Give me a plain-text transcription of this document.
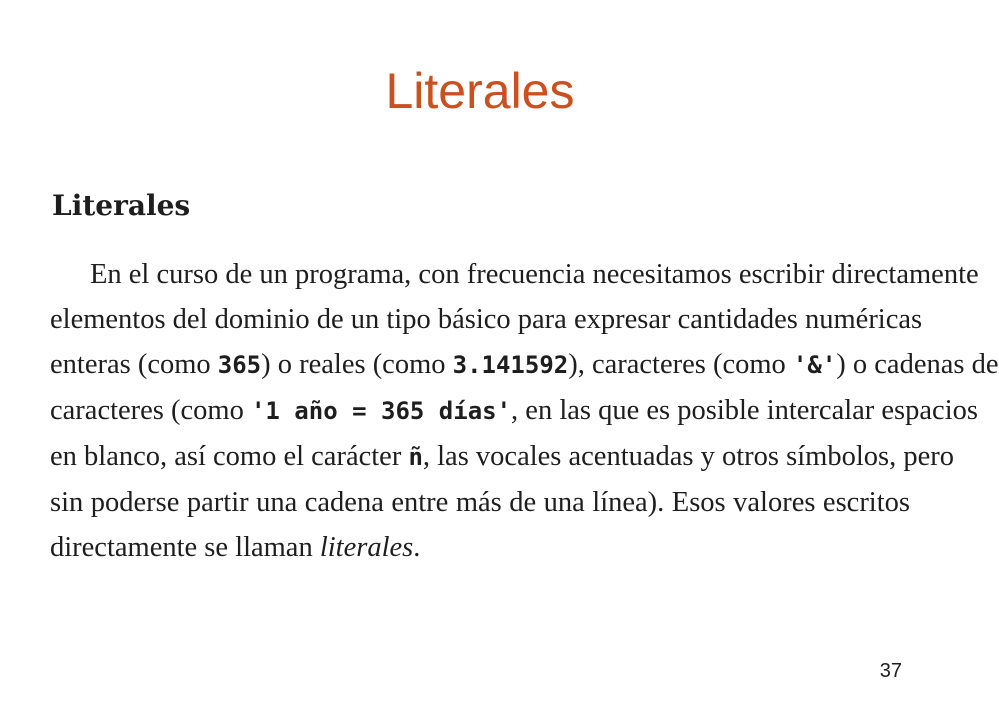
Literales
Literales
En el curso de un programa, con frecuencia necesitamos escribir directamente
elementos del dominio de un tipo básico para expresar cantidades numéricas
enteras (como 365) o reales (como 3.141592), caracteres (como '&') o cadenas de
caracteres (como '1 año = 365 días', en las que es posible intercalar espacios
en blanco, así como el carácter ñ, las vocales acentuadas y otros símbolos, pero
sin poderse partir una cadena entre más de una línea). Esos valores escritos
directamente se llaman literales.
37
